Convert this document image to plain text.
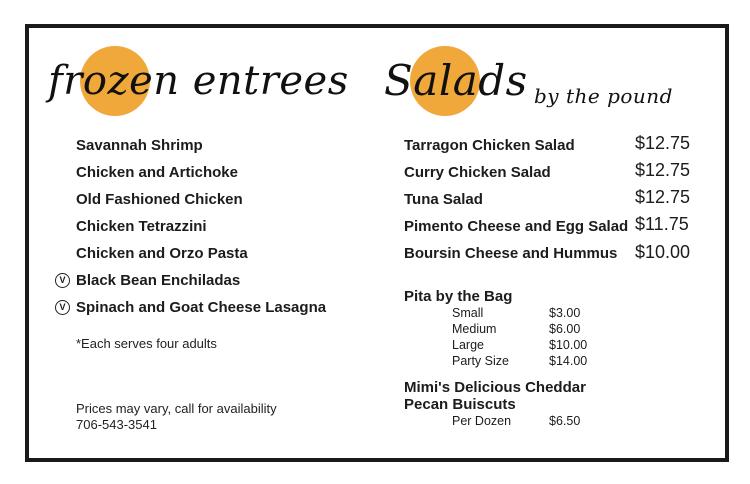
frozen entrees
Savannah Shrimp
Chicken and Artichoke
Old Fashioned Chicken
Chicken Tetrazzini
Chicken and Orzo Pasta
V Black Bean Enchiladas
V Spinach and Goat Cheese Lasagna
*Each serves four adults
Prices may vary, call for availability
706-543-3541
Salads by the pound
Tarragon Chicken Salad	$12.75
Curry Chicken Salad	$12.75
Tuna Salad	$12.75
Pimento Cheese and Egg Salad $11.75
Boursin Cheese and Hummus $10.00
Pita by the Bag
Small	$3.00
Medium	$6.00
Large	$10.00
Party Size	$14.00
Mimi's Delicious Cheddar
Pecan Buiscuts
Per Dozen	$6.50
